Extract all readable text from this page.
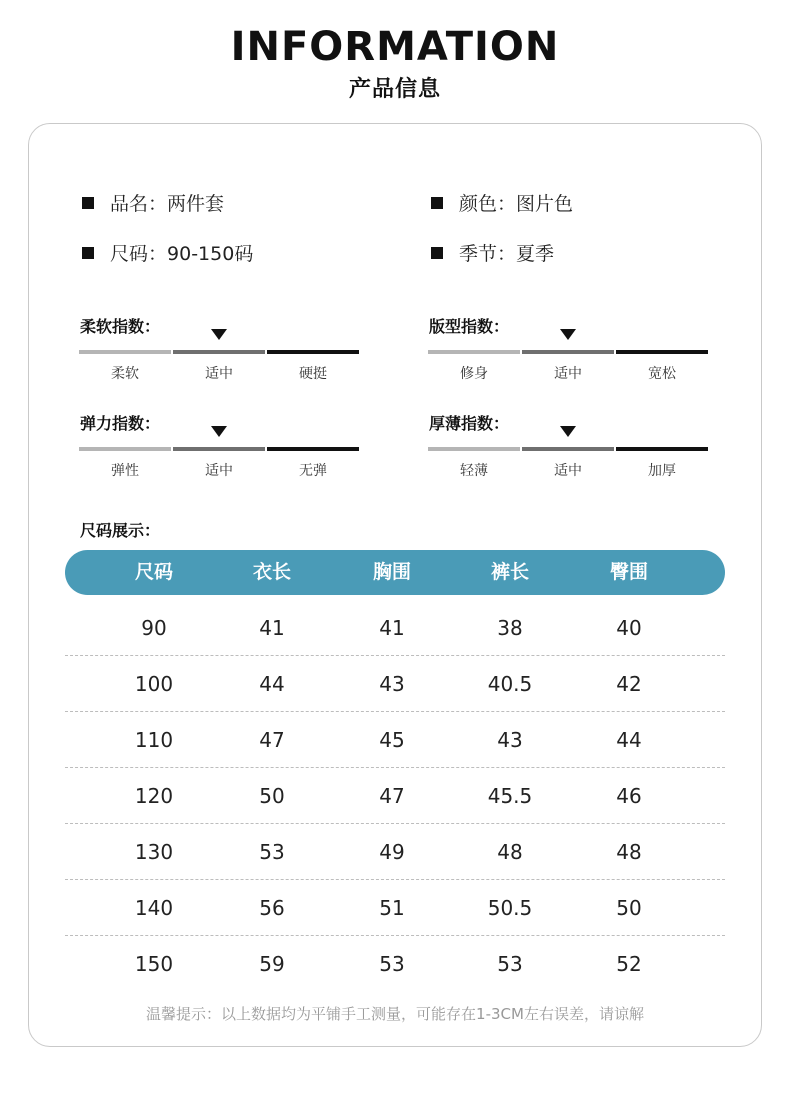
INFORMATION
产品信息
品名： 两件套	颜色： 图片色
尺码： 90-150码	季节： 夏季
柔软指数：
柔软	适中	硬挺
版型指数：
修身	适中	宽松
弹力指数：
弹性	适中	无弹
厚薄指数：
轻薄	适中	加厚
尺码展示：
尺码	衣长	胸围	裤长	臀围
90	41	41	38	40
100	44	43	40.5	42
110	47	45	43	44
120	50	47	45.5	46
130	53	49	48	48
140	56	51	50.5	50
150	59	53	53	52
温馨提示：以上数据均为平铺手工测量，可能存在1-3CM左右误差，请谅解
